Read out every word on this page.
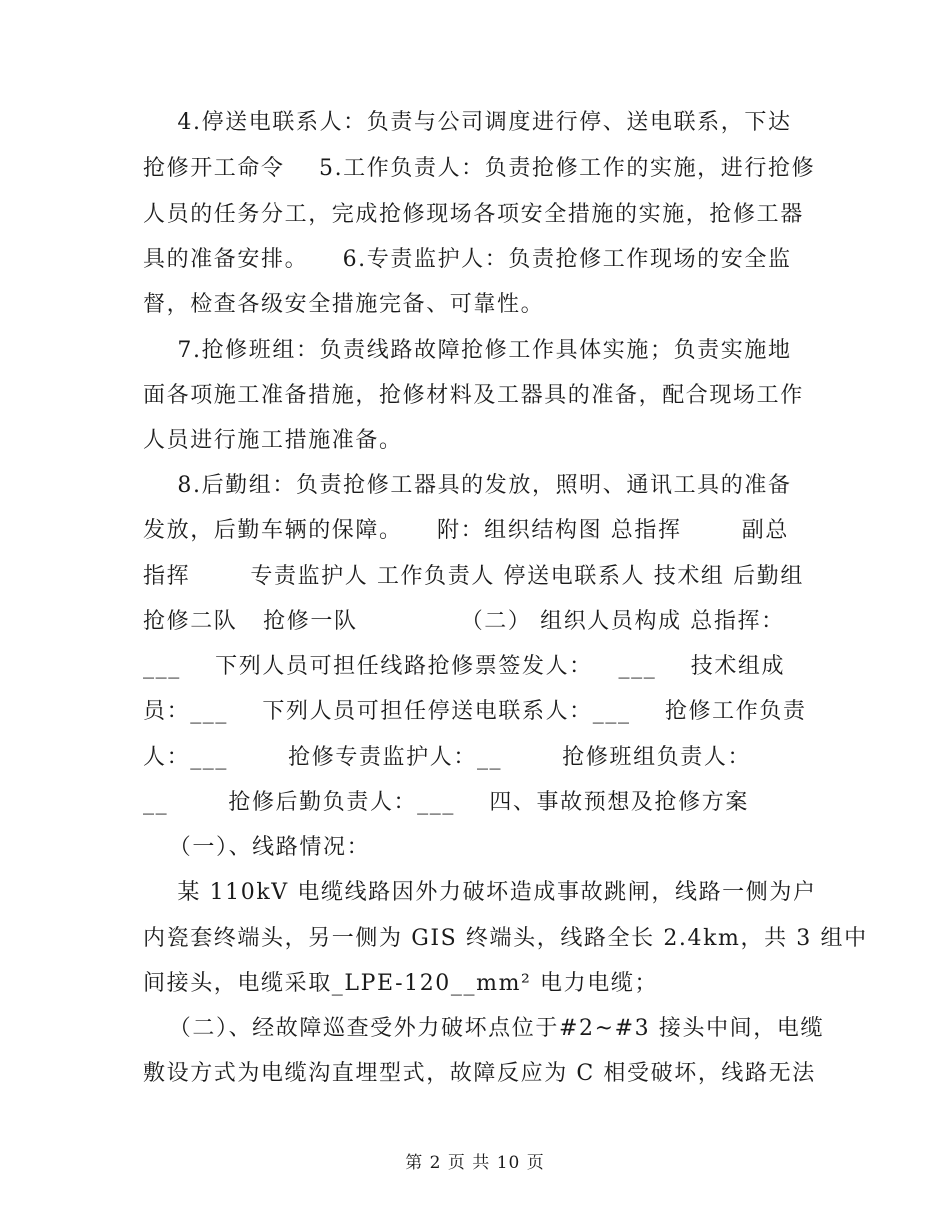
4.停送电联系人：负责与公司调度进行停、送电联系，下达
抢修开工命令    5.工作负责人：负责抢修工作的实施，进行抢修
人员的任务分工，完成抢修现场各项安全措施的实施，抢修工器
具的准备安排。    6.专责监护人：负责抢修工作现场的安全监
督，检查各级安全措施完备、可靠性。
7.抢修班组：负责线路故障抢修工作具体实施；负责实施地
面各项施工准备措施，抢修材料及工器具的准备，配合现场工作
人员进行施工措施准备。
8.后勤组：负责抢修工器具的发放，照明、通讯工具的准备
发放，后勤车辆的保障。    附：组织结构图 总指挥       副总
指挥       专责监护人 工作负责人 停送电联系人 技术组 后勤组
抢修二队   抢修一队            （二） 组织人员构成 总指挥：
___    下列人员可担任线路抢修票签发人：   ___    技术组成
员：___    下列人员可担任停送电联系人：___    抢修工作负责
人：___       抢修专责监护人：__       抢修班组负责人：
__       抢修后勤负责人：___    四、事故预想及抢修方案
（一）、线路情况：
某 110kV 电缆线路因外力破坏造成事故跳闸，线路一侧为户
内瓷套终端头，另一侧为 GIS 终端头，线路全长 2.4km，共 3 组中
间接头，电缆采取_LPE-120__mm² 电力电缆；
（二）、经故障巡查受外力破坏点位于#2~#3 接头中间，电缆
敷设方式为电缆沟直埋型式，故障反应为 C 相受破坏，线路无法
第 2 页 共 10 页
